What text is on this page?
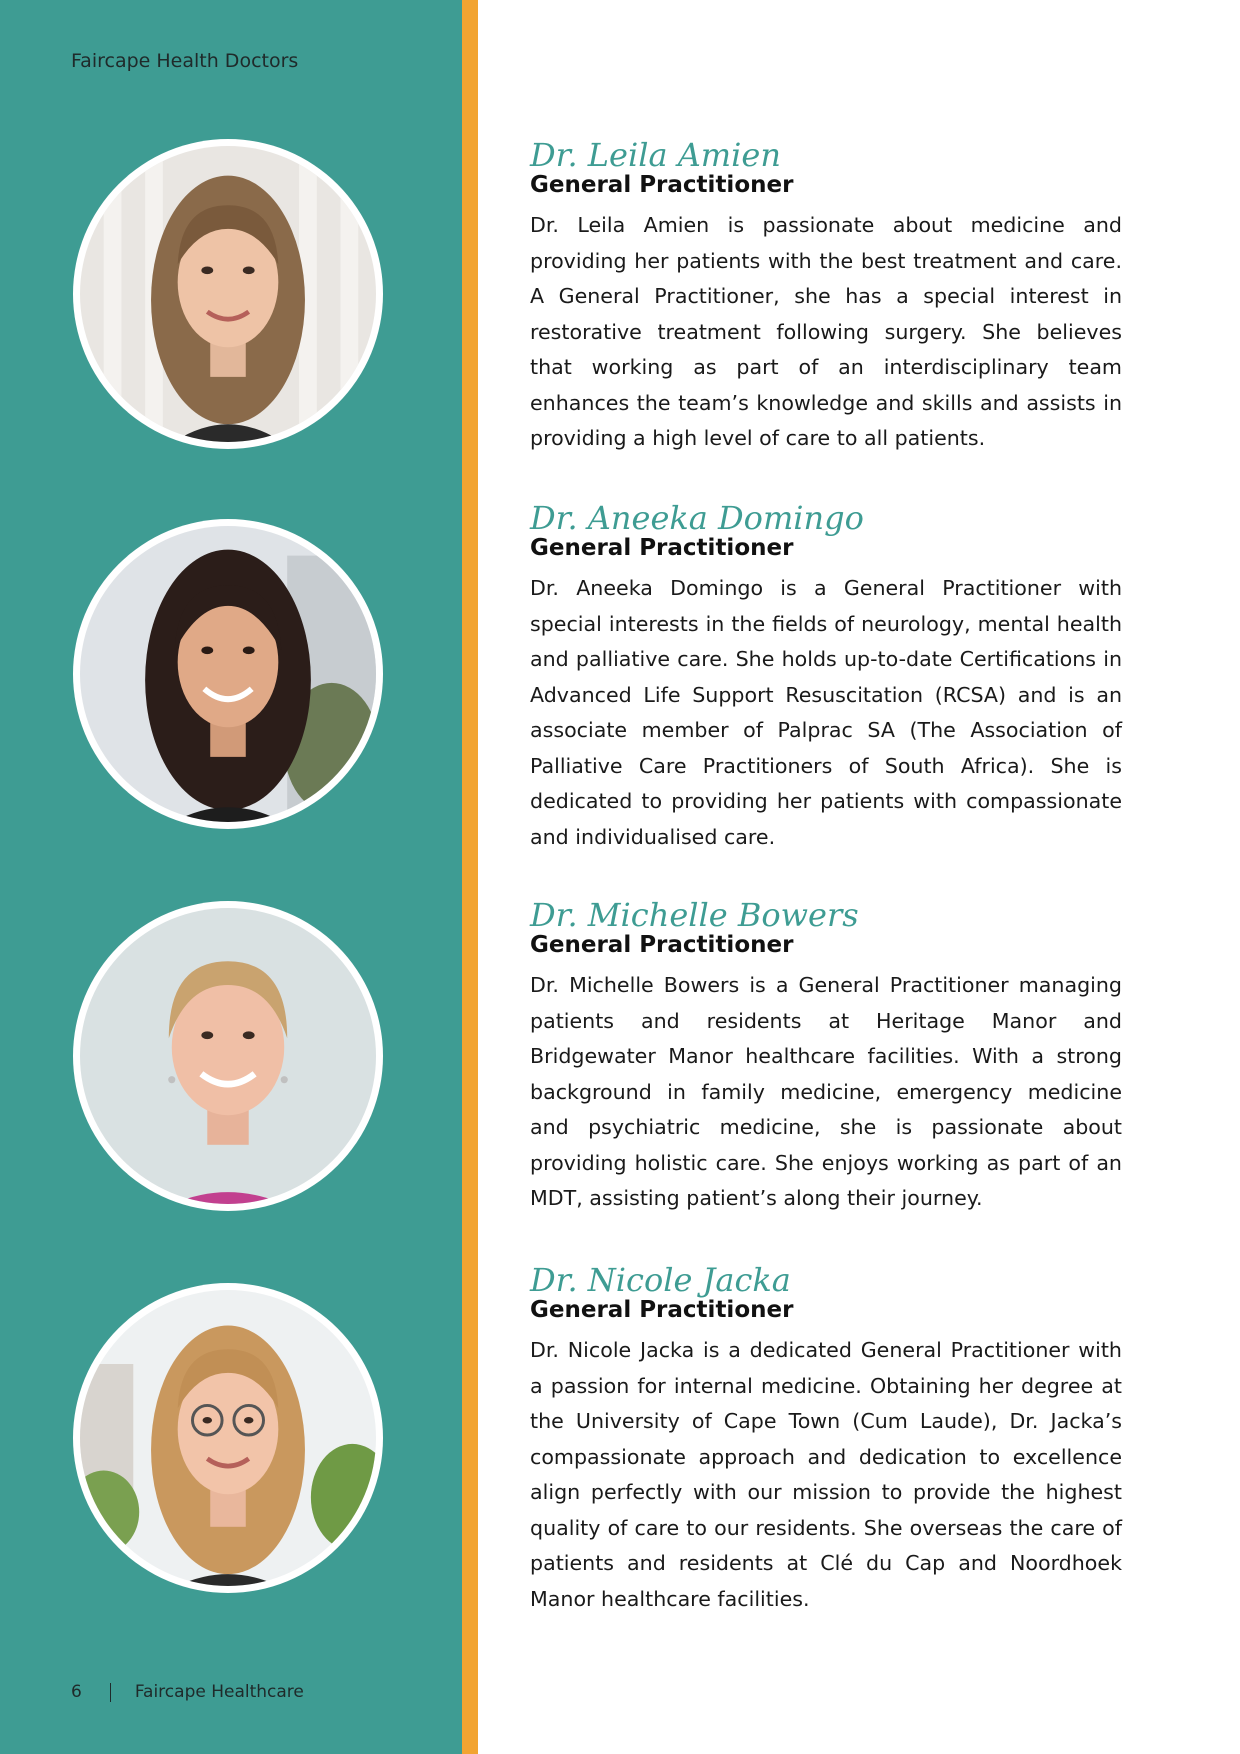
Faircape Health Doctors
Dr. Leila Amien
General Practitioner
Dr. Leila Amien is passionate about medicine and providing her patients with the best treatment and care. A General Practitioner, she has a special interest in restorative treatment following surgery. She believes that working as part of an interdisciplinary team enhances the team’s knowledge and skills and assists in providing a high level of care to all patients.
Dr. Aneeka Domingo
General Practitioner
Dr. Aneeka Domingo is a General Practitioner with special interests in the fields of neurology, mental health and palliative care. She holds up-to-date Certifications in Advanced Life Support Resuscitation (RCSA) and is an associate member of Palprac SA (The Association of Palliative Care Practitioners of South Africa). She is dedicated to providing her patients with compassionate and individualised care.
Dr. Michelle Bowers
General Practitioner
Dr. Michelle Bowers is a General Practitioner managing patients and residents at Heritage Manor and Bridgewater Manor healthcare facilities. With a strong background in family medicine, emergency medicine and psychiatric medicine, she is passionate about providing holistic care. She enjoys working as part of an MDT, assisting patient’s along their journey.
Dr. Nicole Jacka
General Practitioner
Dr. Nicole Jacka is a dedicated General Practitioner with a passion for internal medicine. Obtaining her degree at the University of Cape Town (Cum Laude), Dr. Jacka’s compassionate approach and dedication to excellence align perfectly with our mission to provide the highest quality of care to our residents. She overseas the care of patients and residents at Clé du Cap and Noordhoek Manor healthcare facilities.
6	Faircape Healthcare
